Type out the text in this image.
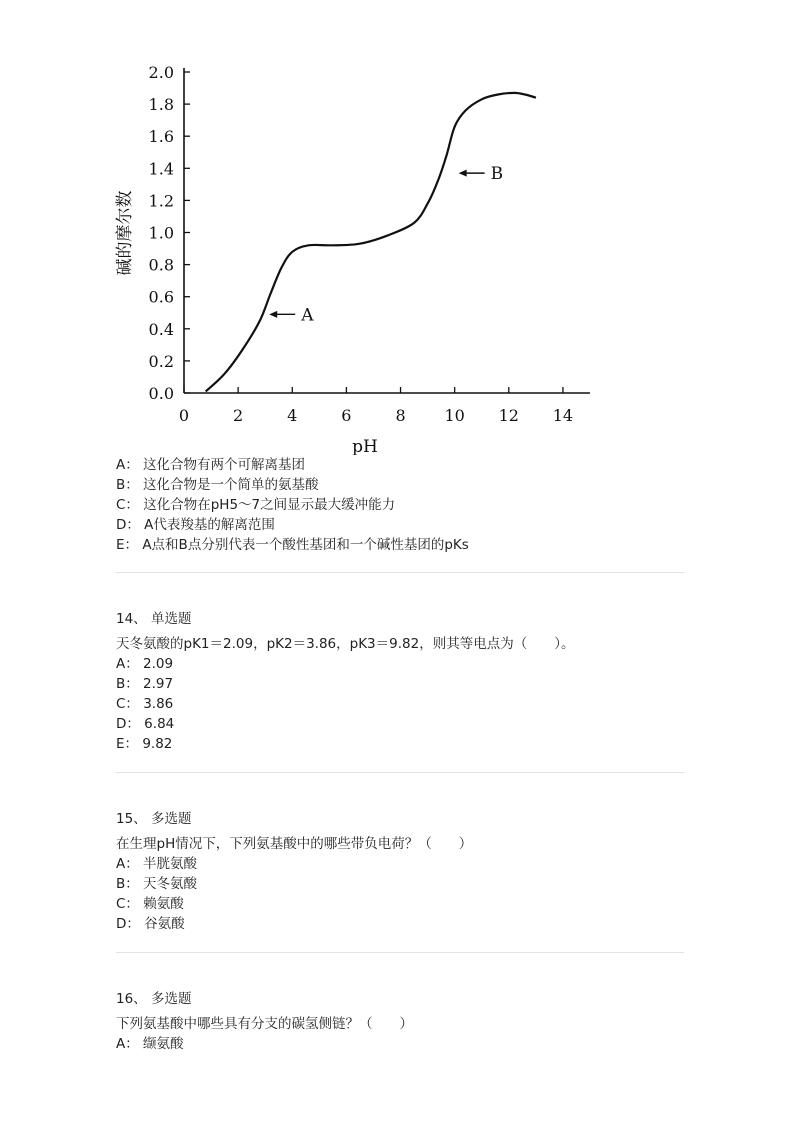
0.0
0.2
0.4
0.6
0.8
1.0
1.2
1.4
1.6
1.8
2.0
0	2	4	6	8 10 12 14
A
B
碱的摩尔数
pH
A： 这化合物有两个可解离基团
B： 这化合物是一个简单的氨基酸
C： 这化合物在pH5～7之间显示最大缓冲能力
D： A代表羧基的解离范围
E： A点和B点分别代表一个酸性基团和一个碱性基团的pKs
14、 单选题
天冬氨酸的pK1＝2.09，pK2＝3.86，pK3＝9.82，则其等电点为（　　）。
A： 2.09
B： 2.97
C： 3.86
D： 6.84
E： 9.82
15、 多选题
在生理pH情况下，下列氨基酸中的哪些带负电荷？（　　）
A： 半胱氨酸
B： 天冬氨酸
C： 赖氨酸
D： 谷氨酸
16、 多选题
下列氨基酸中哪些具有分支的碳氢侧链？（　　）
A： 缬氨酸
